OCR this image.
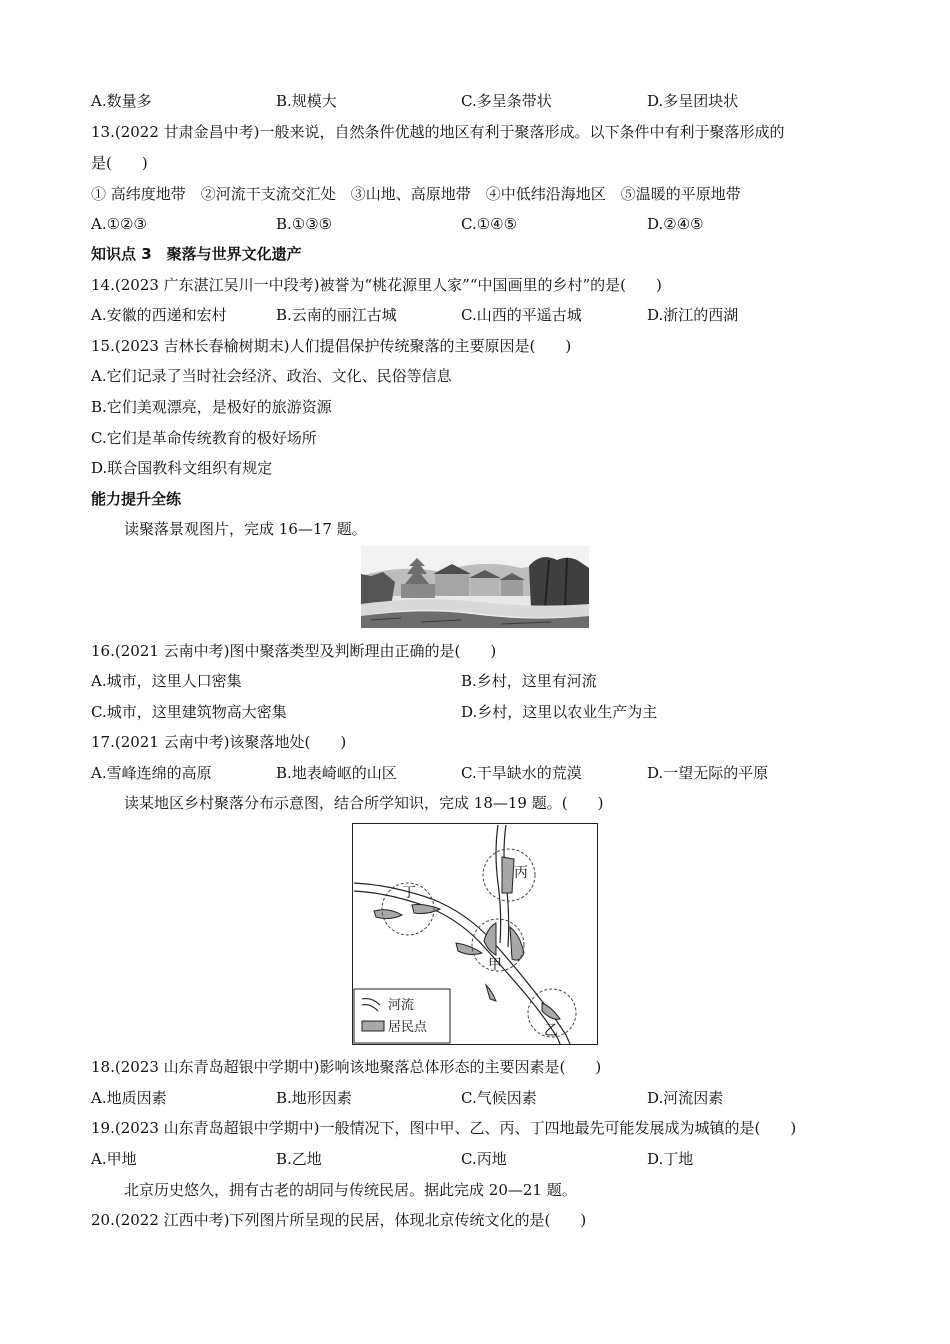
A.数量多	B.规模大	C.多呈条带状	D.多呈团块状
13.(2022 甘肃金昌中考)一般来说，自然条件优越的地区有利于聚落形成。以下条件中有利于聚落形成的
是(　　)
① 高纬度地带　②河流干支流交汇处　③山地、高原地带　④中低纬沿海地区　⑤温暖的平原地带
A.①②③	B.①③⑤	C.①④⑤	D.②④⑤
知识点 3　聚落与世界文化遗产
14.(2023 广东湛江吴川一中段考)被誉为“桃花源里人家”“中国画里的乡村”的是(　　)
A.安徽的西递和宏村	B.云南的丽江古城	C.山西的平遥古城	D.浙江的西湖
15.(2023 吉林长春榆树期末)人们提倡保护传统聚落的主要原因是(　　)
A.它们记录了当时社会经济、政治、文化、民俗等信息
B.它们美观漂亮，是极好的旅游资源
C.它们是革命传统教育的极好场所
D.联合国教科文组织有规定
能力提升全练
读聚落景观图片，完成 16—17 题。
16.(2021 云南中考)图中聚落类型及判断理由正确的是(　　)
A.城市，这里人口密集	B.乡村，这里有河流
C.城市，这里建筑物高大密集	D.乡村，这里以农业生产为主
17.(2021 云南中考)该聚落地处(　　)
A.雪峰连绵的高原	B.地表崎岖的山区	C.干旱缺水的荒漠	D.一望无际的平原
读某地区乡村聚落分布示意图，结合所学知识，完成 18—19 题。(　　)
丙
丁
甲
乙
河流
居民点
18.(2023 山东青岛超银中学期中)影响该地聚落总体形态的主要因素是(　　)
A.地质因素	B.地形因素	C.气候因素	D.河流因素
19.(2023 山东青岛超银中学期中)一般情况下，图中甲、乙、丙、丁四地最先可能发展成为城镇的是(　　)
A.甲地	B.乙地	C.丙地	D.丁地
北京历史悠久，拥有古老的胡同与传统民居。据此完成 20—21 题。
20.(2022 江西中考)下列图片所呈现的民居，体现北京传统文化的是(　　)
